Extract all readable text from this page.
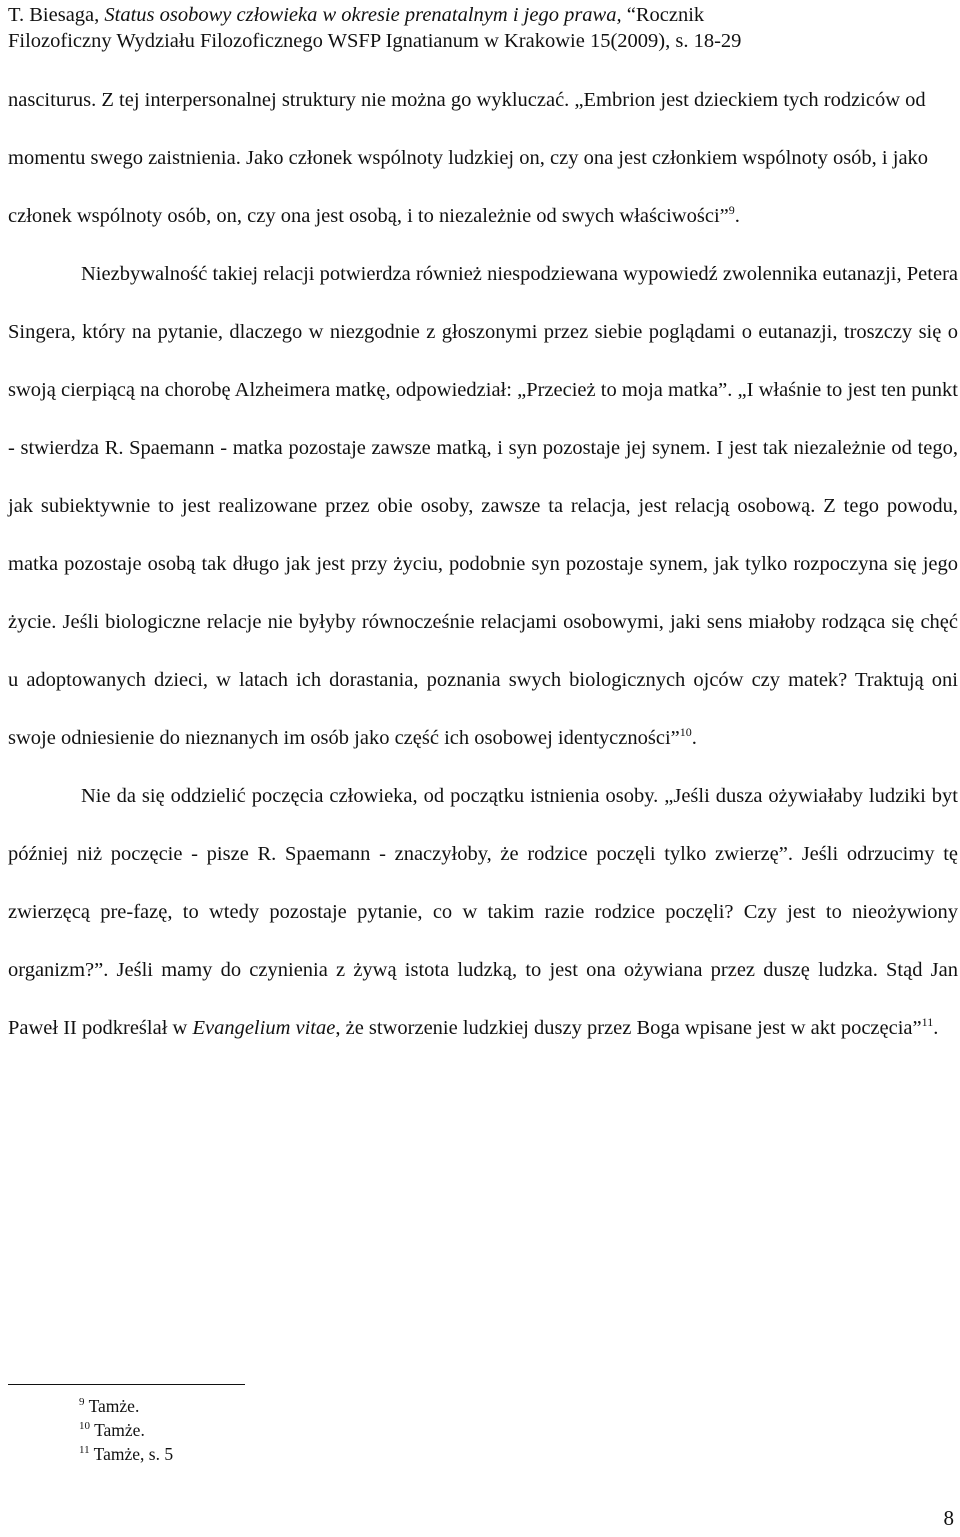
T. Biesaga, Status osobowy człowieka w okresie prenatalnym i jego prawa, “Rocznik
Filozoficzny Wydziału Filozoficznego WSFP Ignatianum w Krakowie 15(2009), s. 18-29

nasciturus. Z tej interpersonalnej struktury nie można go wykluczać. „Embrion jest dzieckiem tych rodziców od momentu swego zaistnienia. Jako członek wspólnoty ludzkiej on, czy ona jest członkiem wspólnoty osób, i jako członek wspólnoty osób, on, czy ona jest osobą, i to niezależnie od swych właściwości”$^9$.

Niezbywalność takiej relacji potwierdza również niespodziewana wypowiedź zwolennika eutanazji, Petera Singera, który na pytanie, dlaczego w niezgodnie z głoszonymi przez siebie poglądami o eutanazji, troszczy się o swoją cierpiącą na chorobę Alzheimera matkę, odpowiedział: „Przecież to moja matka”. „I właśnie to jest ten punkt - stwierdza R. Spaemann - matka pozostaje zawsze matką, i syn pozostaje jej synem. I jest tak niezależnie od tego, jak subiektywnie to jest realizowane przez obie osoby, zawsze ta relacja, jest relacją osobową. Z tego powodu, matka pozostaje osobą tak długo jak jest przy życiu, podobnie syn pozostaje synem, jak tylko rozpoczyna się jego życie. Jeśli biologiczne relacje nie byłyby równocześnie relacjami osobowymi, jaki sens miałoby rodząca się chęć u adoptowanych dzieci, w latach ich dorastania, poznania swych biologicznych ojców czy matek? Traktują oni swoje odniesienie do nieznanych im osób jako część ich osobowej identyczności”$^{10}$.

Nie da się oddzielić poczęcia człowieka, od początku istnienia osoby. „Jeśli dusza ożywiałaby ludziki byt później niż poczęcie - pisze R. Spaemann - znaczyłoby, że rodzice poczęli tylko zwierzę”. Jeśli odrzucimy tę zwierzęcą pre-fazę, to wtedy pozostaje pytanie, co w takim razie rodzice poczęli? Czy jest to nieożywiony organizm?”. Jeśli mamy do czynienia z żywą istota ludzką, to jest ona ożywiana przez duszę ludzka. Stąd Jan Paweł II podkreślał w Evangelium vitae, że stworzenie ludzkiej duszy przez Boga wpisane jest w akt poczęcia”$^{11}$.

$^9$ Tamże.
$^{10}$ Tamże.
$^{11}$ Tamże, s. 5
8
